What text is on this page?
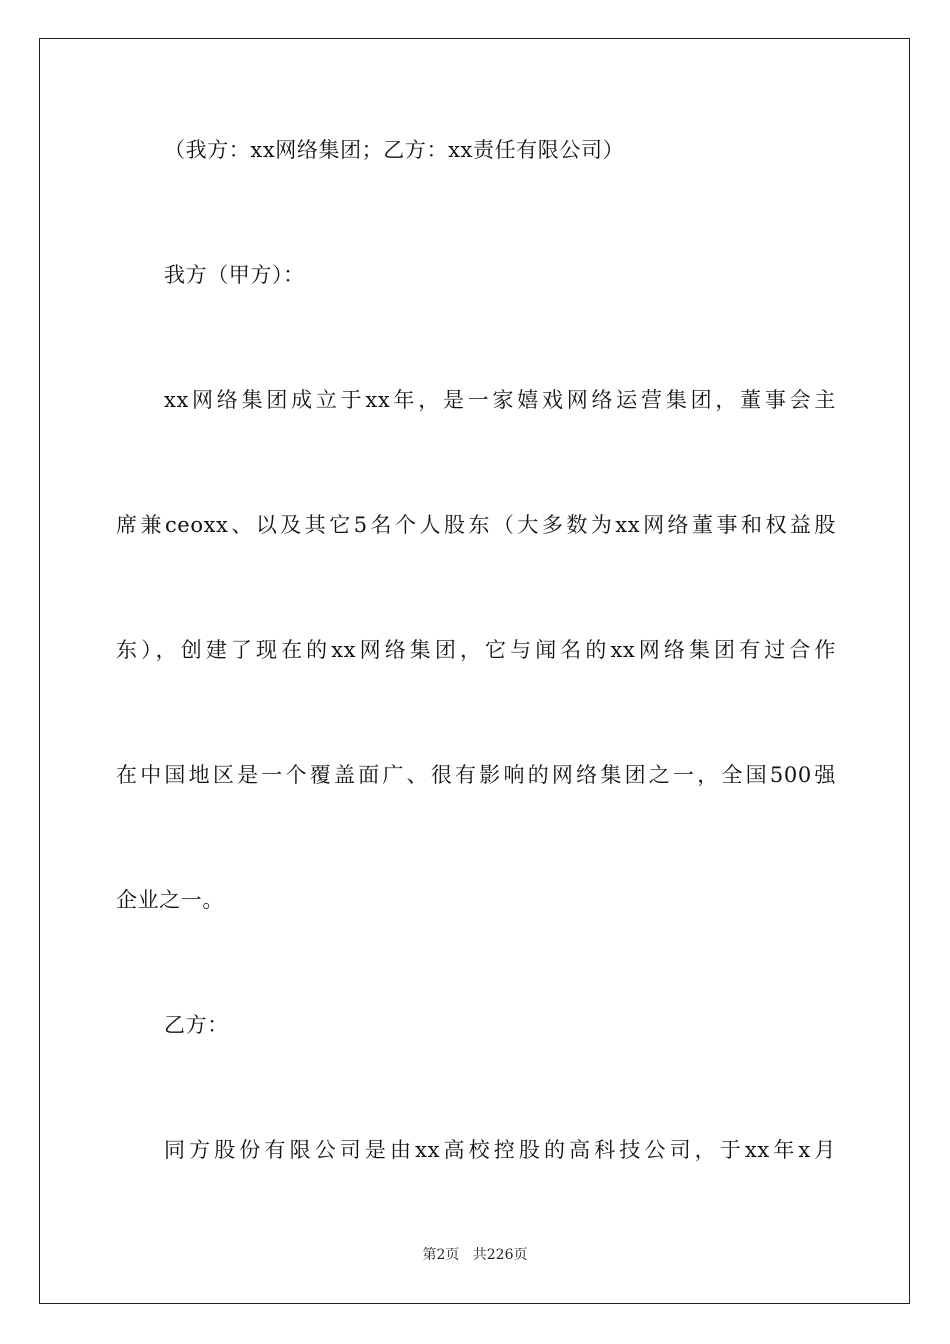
（我方：xx网络集团；乙方：xx责任有限公司）
我方（甲方）：
xx网络集团成立于xx年，是一家嬉戏网络运营集团，董事会主
席兼ceoxx、以及其它5名个人股东（大多数为xx网络董事和权益股
东），创建了现在的xx网络集团，它与闻名的xx网络集团有过合作
在中国地区是一个覆盖面广、很有影响的网络集团之一，全国500强
企业之一。
乙方：
同方股份有限公司是由xx高校控股的高科技公司，于xx年x月
第2页 共226页
